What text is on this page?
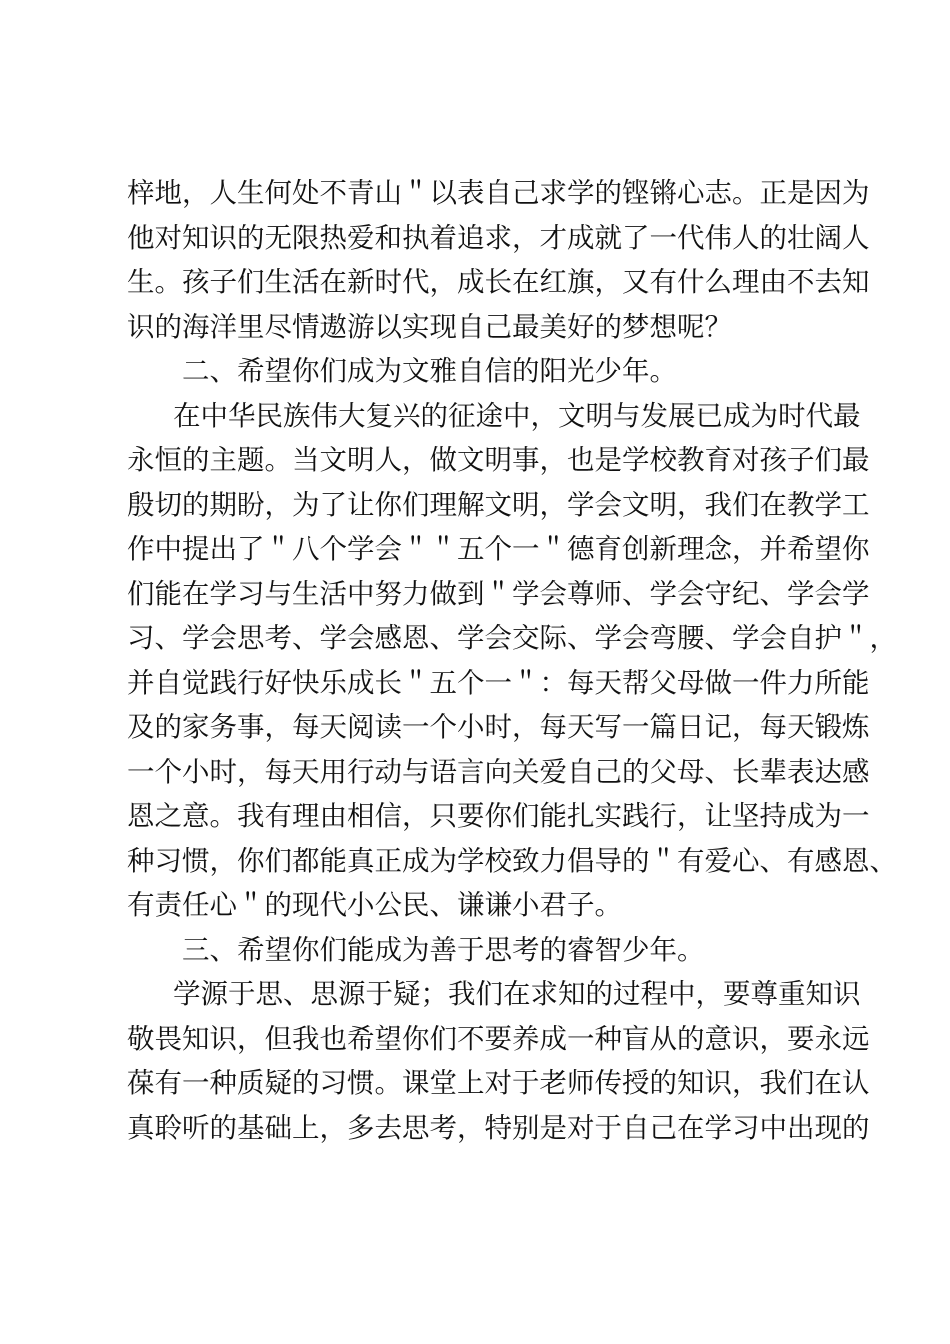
梓地，人生何处不青山＂以表自己求学的铿锵心志。正是因为
他对知识的无限热爱和执着追求，才成就了一代伟人的壮阔人
生。孩子们生活在新时代，成长在红旗，又有什么理由不去知
识的海洋里尽情遨游以实现自己最美好的梦想呢？
二、希望你们成为文雅自信的阳光少年。
在中华民族伟大复兴的征途中，文明与发展已成为时代最
永恒的主题。当文明人，做文明事，也是学校教育对孩子们最
殷切的期盼，为了让你们理解文明，学会文明，我们在教学工
作中提出了＂八个学会＂＂五个一＂德育创新理念，并希望你
们能在学习与生活中努力做到＂学会尊师、学会守纪、学会学
习、学会思考、学会感恩、学会交际、学会弯腰、学会自护＂，
并自觉践行好快乐成长＂五个一＂：每天帮父母做一件力所能
及的家务事，每天阅读一个小时，每天写一篇日记，每天锻炼
一个小时，每天用行动与语言向关爱自己的父母、长辈表达感
恩之意。我有理由相信，只要你们能扎实践行，让坚持成为一
种习惯，你们都能真正成为学校致力倡导的＂有爱心、有感恩、
有责任心＂的现代小公民、谦谦小君子。
三、希望你们能成为善于思考的睿智少年。
学源于思、思源于疑；我们在求知的过程中，要尊重知识
敬畏知识，但我也希望你们不要养成一种盲从的意识，要永远
葆有一种质疑的习惯。课堂上对于老师传授的知识，我们在认
真聆听的基础上，多去思考，特别是对于自己在学习中出现的
